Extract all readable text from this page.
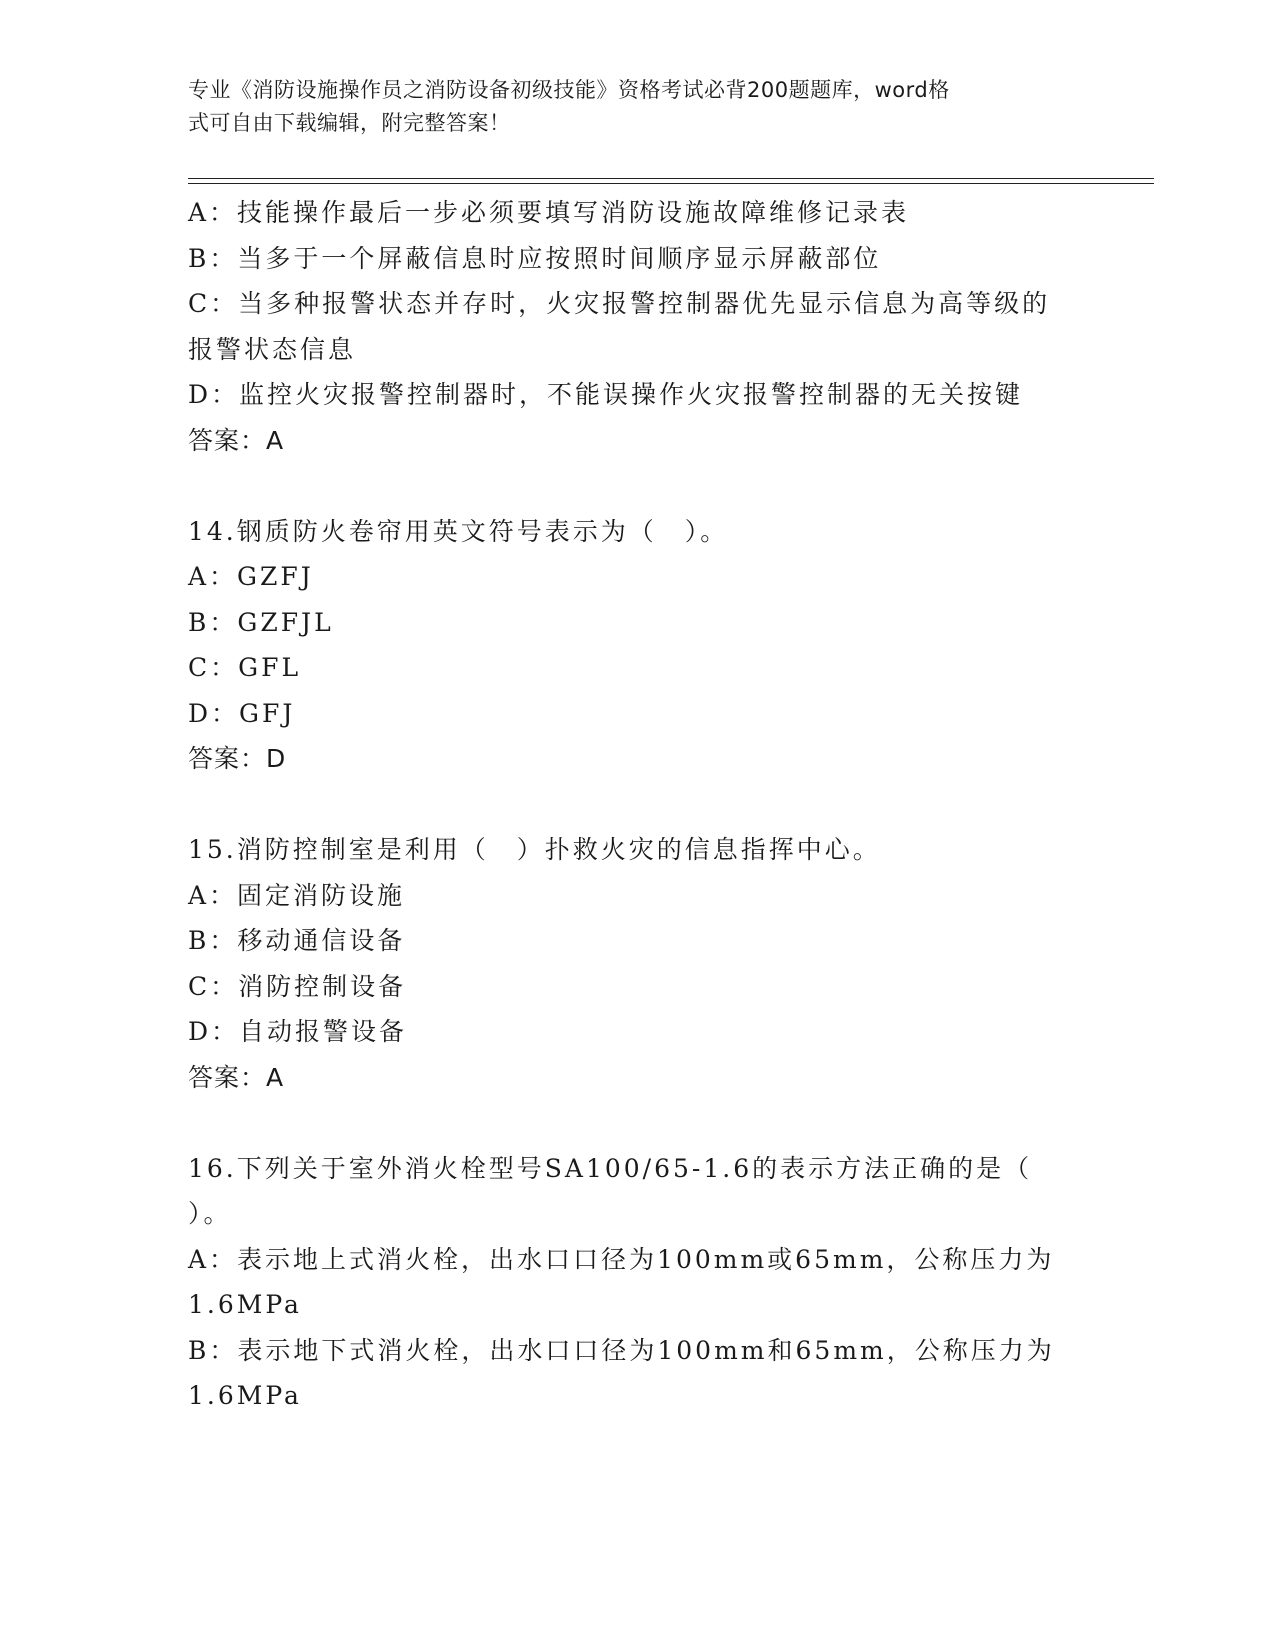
专业《消防设施操作员之消防设备初级技能》资格考试必背200题题库，word格
式可自由下载编辑，附完整答案！
A：技能操作最后一步必须要填写消防设施故障维修记录表
B：当多于一个屏蔽信息时应按照时间顺序显示屏蔽部位
C：当多种报警状态并存时，火灾报警控制器优先显示信息为高等级的
报警状态信息
D：监控火灾报警控制器时，不能误操作火灾报警控制器的无关按键
答案：A
14.钢质防火卷帘用英文符号表示为（　）。
A：GZFJ
B：GZFJL
C：GFL
D：GFJ
答案：D
15.消防控制室是利用（　）扑救火灾的信息指挥中心。
A：固定消防设施
B：移动通信设备
C：消防控制设备
D：自动报警设备
答案：A
16.下列关于室外消火栓型号SA100/65-1.6的表示方法正确的是（
）。
A：表示地上式消火栓，出水口口径为100mm或65mm，公称压力为
1.6MPa
B：表示地下式消火栓，出水口口径为100mm和65mm，公称压力为
1.6MPa
